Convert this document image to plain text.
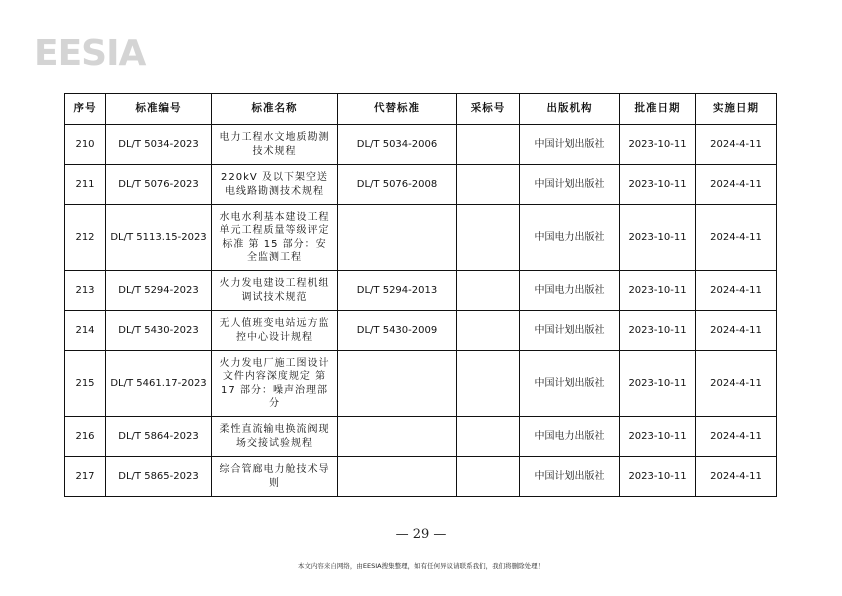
EESIA
序号	标准编号	标准名称	代替标准	采标号	出版机构	批准日期	实施日期
210	DL/T 5034-2023	电力工程水文地质勘测技术规程	DL/T 5034-2006		中国计划出版社	2023-10-11	2024-4-11
211	DL/T 5076-2023	220kV 及以下架空送电线路勘测技术规程	DL/T 5076-2008		中国计划出版社	2023-10-11	2024-4-11
212	DL/T 5113.15-2023	水电水利基本建设工程单元工程质量等级评定标准 第 15 部分：安全监测工程			中国电力出版社	2023-10-11	2024-4-11
213	DL/T 5294-2023	火力发电建设工程机组调试技术规范	DL/T 5294-2013		中国电力出版社	2023-10-11	2024-4-11
214	DL/T 5430-2023	无人值班变电站远方监控中心设计规程	DL/T 5430-2009		中国计划出版社	2023-10-11	2024-4-11
215	DL/T 5461.17-2023	火力发电厂施工图设计文件内容深度规定 第 17 部分：噪声治理部分			中国计划出版社	2023-10-11	2024-4-11
216	DL/T 5864-2023	柔性直流输电换流阀现场交接试验规程			中国电力出版社	2023-10-11	2024-4-11
217	DL/T 5865-2023	综合管廊电力舱技术导则			中国计划出版社	2023-10-11	2024-4-11
— 29 —
本文内容来自网络，由EESIA搜集整理，如有任何异议请联系我们，我们将删除处理！
